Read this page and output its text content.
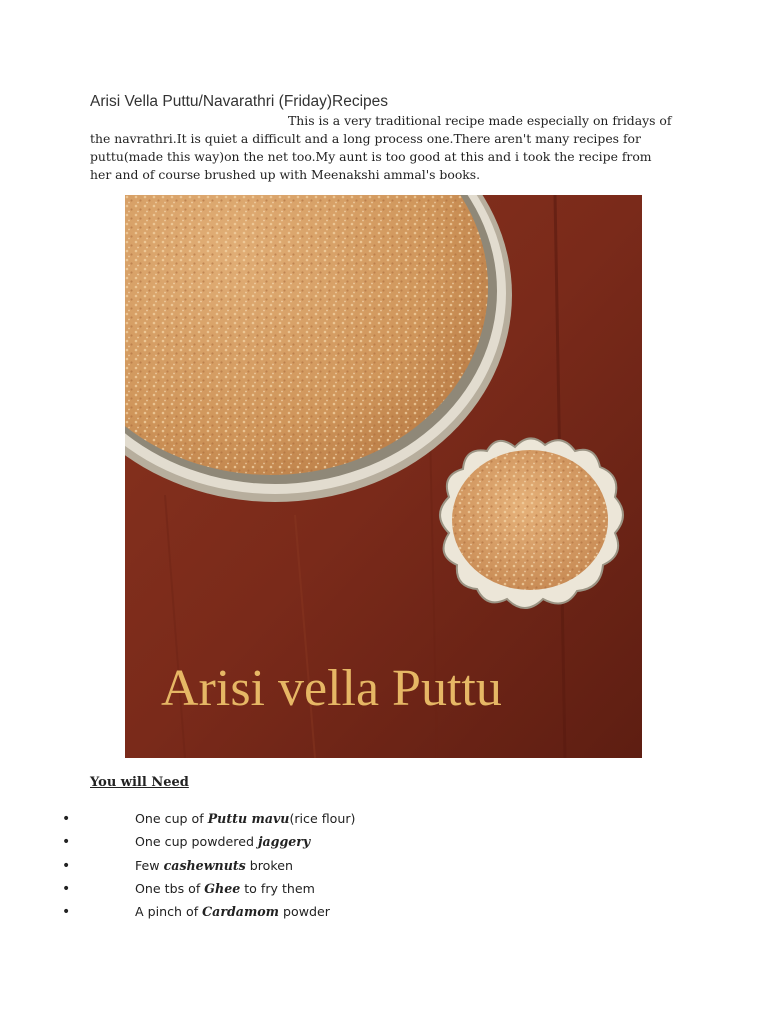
Arisi Vella Puttu/Navarathri (Friday)Recipes

This is a very traditional recipe made especially on fridays of
the navrathri.It is quiet a difficult and a long process one.There aren't many recipes for
puttu(made this way)on the net too.My aunt is too good at this and i took the recipe from
her and of course brushed up with Meenakshi ammal's books.

Arisi vella Puttu
You will Need
•	One cup of Puttu mavu(rice flour)
•	One cup powdered jaggery
•	Few cashewnuts broken
•	One tbs of Ghee to fry them
•	A pinch of Cardamom powder
